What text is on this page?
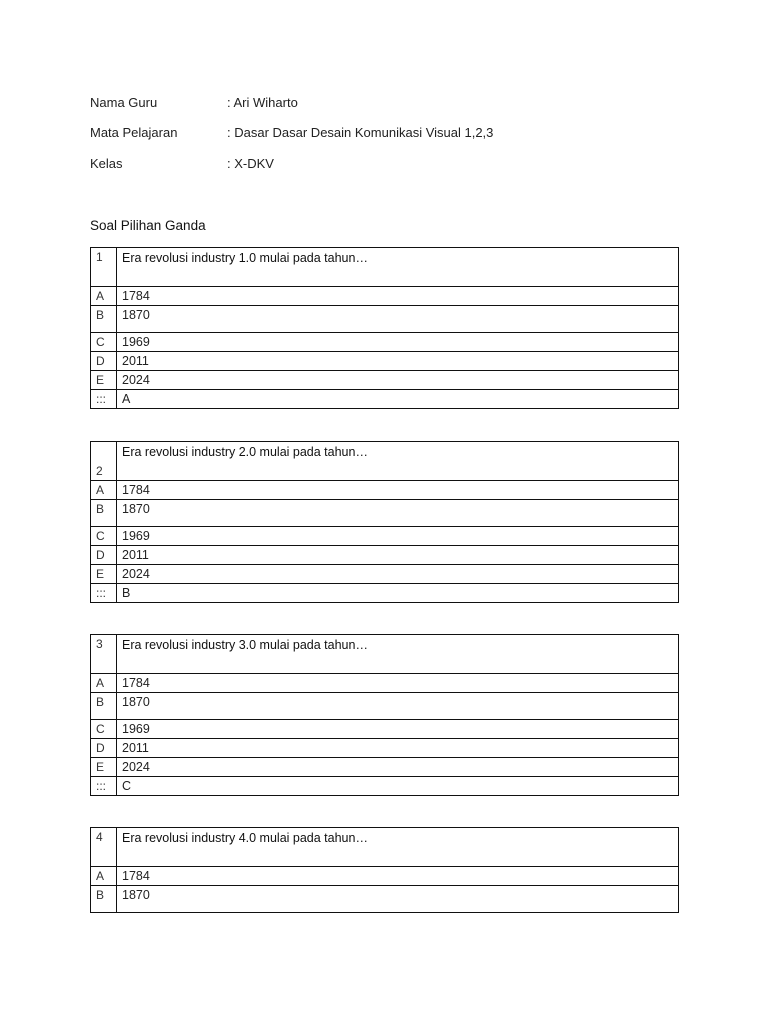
Nama Guru	: Ari Wiharto
Mata Pelajaran	: Dasar Dasar Desain Komunikasi Visual 1,2,3
Kelas	: X-DKV
Soal Pilihan Ganda
1	Era revolusi industry 1.0 mulai pada tahun…
A	1784
B	1870
C	1969
D	2011
E	2024
:::	A
2	Era revolusi industry 2.0 mulai pada tahun…
A	1784
B	1870
C	1969
D	2011
E	2024
:::	B
3	Era revolusi industry 3.0 mulai pada tahun…
A	1784
B	1870
C	1969
D	2011
E	2024
:::	C
4	Era revolusi industry 4.0 mulai pada tahun…
A	1784
B	1870
